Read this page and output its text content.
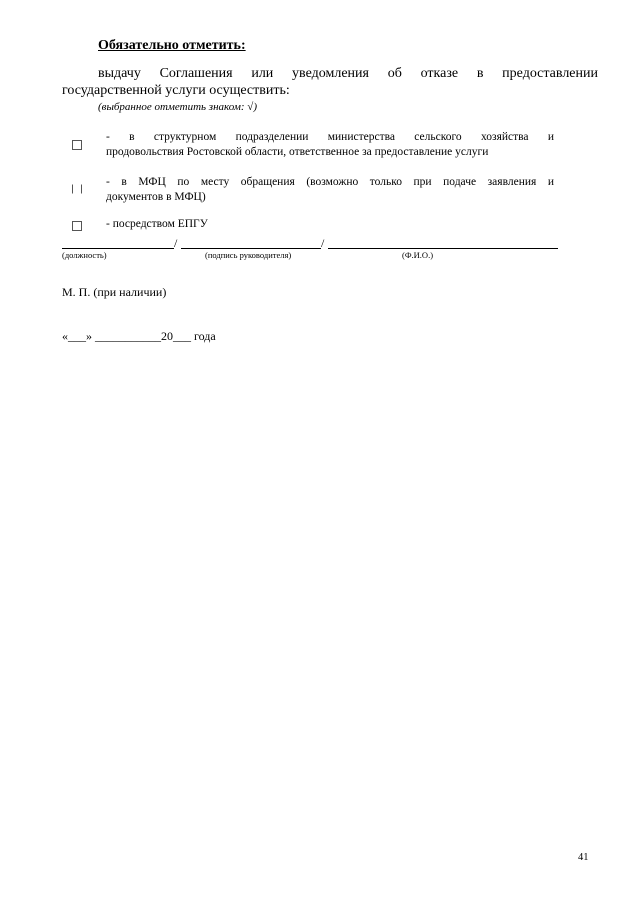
Обязательно отметить:
выдачу Соглашения или уведомления об отказе в предоставлении
государственной услуги осуществить:
(выбранное отметить знаком: √)
- в структурном подразделении министерства сельского хозяйства и
продовольствия Ростовской области, ответственное за предоставление услуги
- в МФЦ по месту обращения (возможно только при подаче заявления и
документов в МФЦ)
- посредством ЕПГУ
/	/
(должность)	(подпись руководителя)	(Ф.И.О.)
М. П. (при наличии)
«___» ___________20___ года
41
